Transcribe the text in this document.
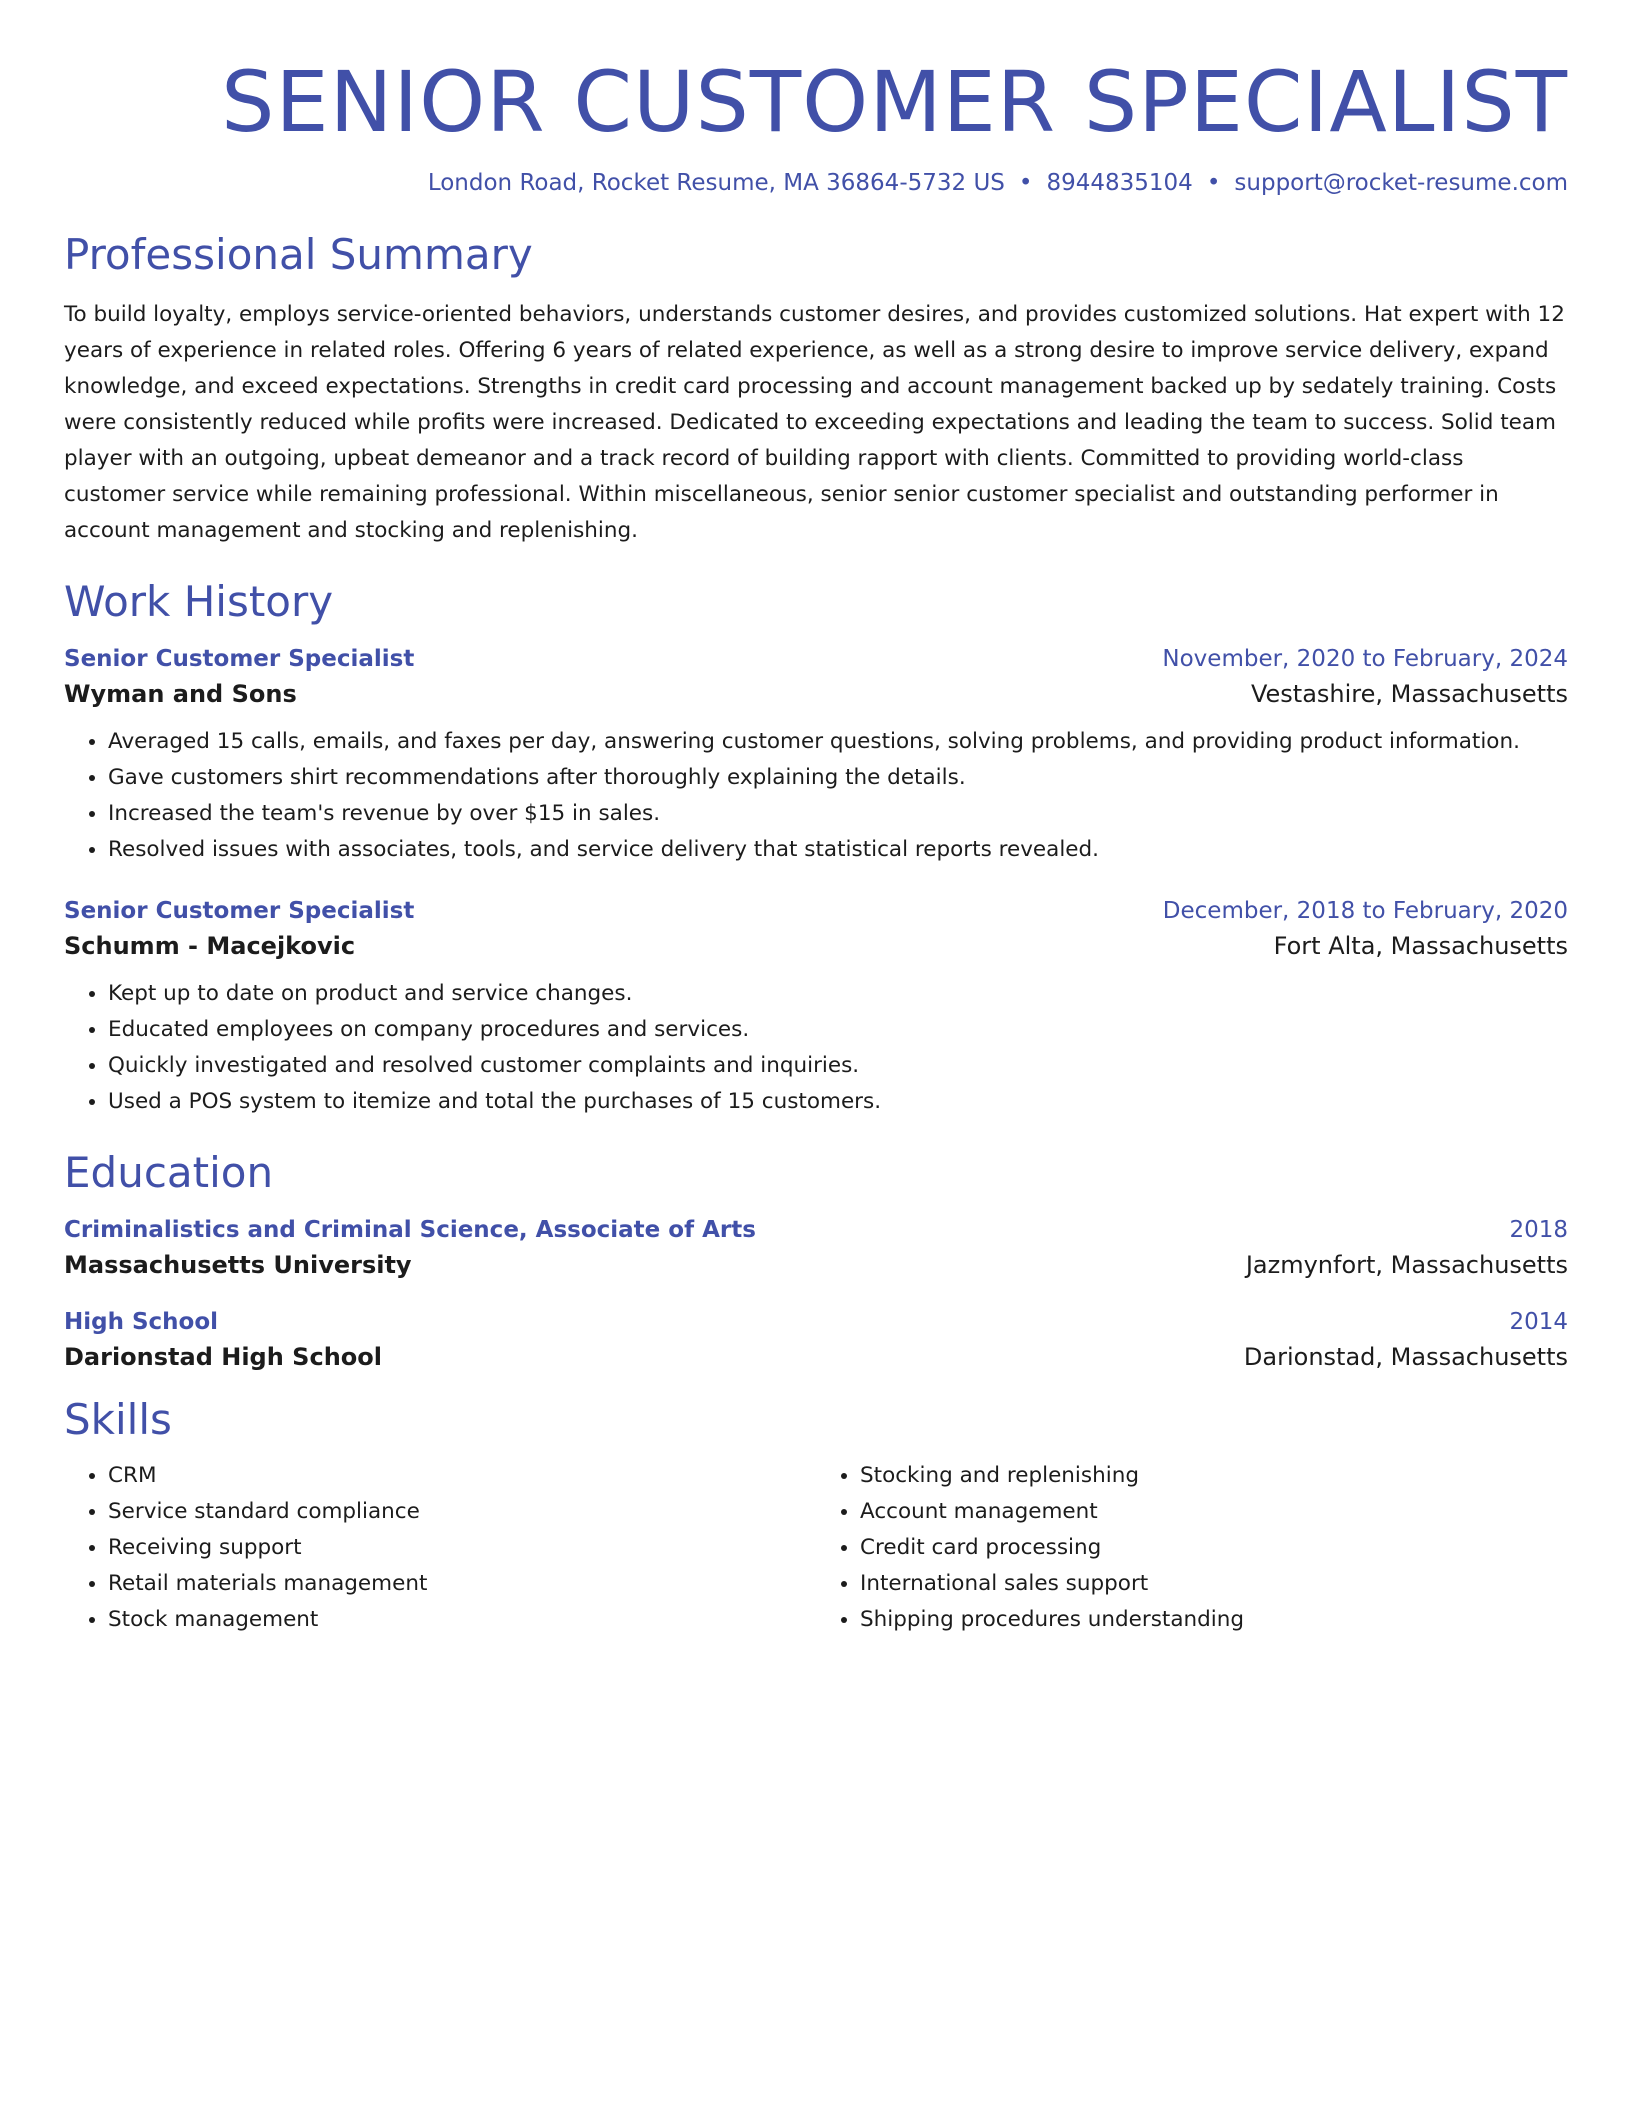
SENIOR CUSTOMER SPECIALIST
London Road, Rocket Resume, MA 36864-5732 US • 8944835104 • support@rocket-resume.com
Professional Summary
To build loyalty, employs service-oriented behaviors, understands customer desires, and provides customized solutions. Hat expert with 12 years of experience in related roles. Offering 6 years of related experience, as well as a strong desire to improve service delivery, expand knowledge, and exceed expectations. Strengths in credit card processing and account management backed up by sedately training. Costs were consistently reduced while profits were increased. Dedicated to exceeding expectations and leading the team to success. Solid team player with an outgoing, upbeat demeanor and a track record of building rapport with clients. Committed to providing world-class customer service while remaining professional. Within miscellaneous, senior senior customer specialist and outstanding performer in account management and stocking and replenishing.
Work History
Senior Customer Specialist	November, 2020 to February, 2024
Wyman and Sons	Vestashire, Massachusetts
• Averaged 15 calls, emails, and faxes per day, answering customer questions, solving problems, and providing product information.
• Gave customers shirt recommendations after thoroughly explaining the details.
• Increased the team's revenue by over $15 in sales.
• Resolved issues with associates, tools, and service delivery that statistical reports revealed.
Senior Customer Specialist	December, 2018 to February, 2020
Schumm - Macejkovic	Fort Alta, Massachusetts
• Kept up to date on product and service changes.
• Educated employees on company procedures and services.
• Quickly investigated and resolved customer complaints and inquiries.
• Used a POS system to itemize and total the purchases of 15 customers.
Education
Criminalistics and Criminal Science, Associate of Arts	2018
Massachusetts University	Jazmynfort, Massachusetts
High School	2014
Darionstad High School	Darionstad, Massachusetts
Skills
• CRM
• Service standard compliance
• Receiving support
• Retail materials management
• Stock management
• Stocking and replenishing
• Account management
• Credit card processing
• International sales support
• Shipping procedures understanding
